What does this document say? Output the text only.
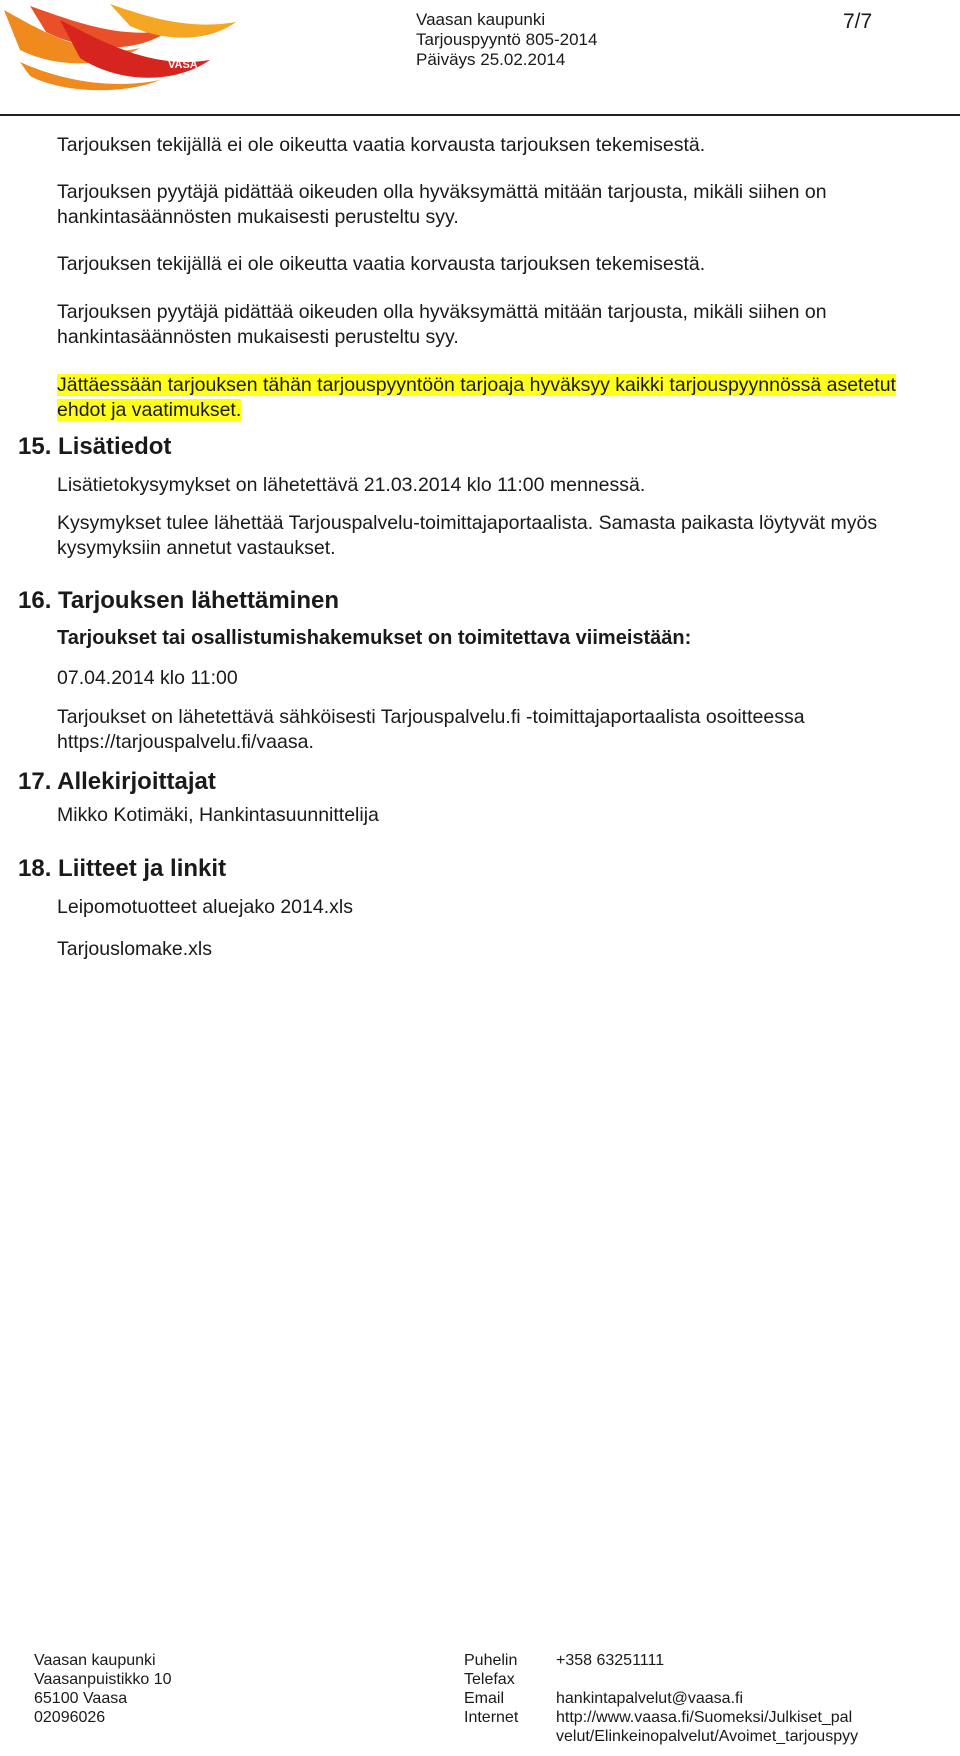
VAASA
VASA
Vaasan kaupunki
Tarjouspyyntö 805-2014
Päiväys 25.02.2014
7/7
Tarjouksen tekijällä ei ole oikeutta vaatia korvausta tarjouksen tekemisestä.
Tarjouksen pyytäjä pidättää oikeuden olla hyväksymättä mitään tarjousta, mikäli siihen on hankintasäännösten mukaisesti perusteltu syy.
Tarjouksen tekijällä ei ole oikeutta vaatia korvausta tarjouksen tekemisestä.
Tarjouksen pyytäjä pidättää oikeuden olla hyväksymättä mitään tarjousta, mikäli siihen on hankintasäännösten mukaisesti perusteltu syy.
Jättäessään tarjouksen tähän tarjouspyyntöön tarjoaja hyväksyy kaikki tarjouspyynnössä asetetut ehdot ja vaatimukset.
15. Lisätiedot
Lisätietokysymykset on lähetettävä 21.03.2014 klo 11:00 mennessä.
Kysymykset tulee lähettää Tarjouspalvelu-toimittajaportaalista. Samasta paikasta löytyvät myös kysymyksiin annetut vastaukset.
16. Tarjouksen lähettäminen
Tarjoukset tai osallistumishakemukset on toimitettava viimeistään:
07.04.2014 klo 11:00
Tarjoukset on lähetettävä sähköisesti Tarjouspalvelu.fi -toimittajaportaalista osoitteessa https://tarjouspalvelu.fi/vaasa.
17. Allekirjoittajat
Mikko Kotimäki, Hankintasuunnittelija
18. Liitteet ja linkit
Leipomotuotteet aluejako 2014.xls
Tarjouslomake.xls
Vaasan kaupunki
Vaasanpuistikko 10
65100 Vaasa
02096026
Puhelin
Telefax
Email
Internet
+358 63251111

hankintapalvelut@vaasa.fi
http://www.vaasa.fi/Suomeksi/Julkiset_pal
velut/Elinkeinopalvelut/Avoimet_tarjouspyy
